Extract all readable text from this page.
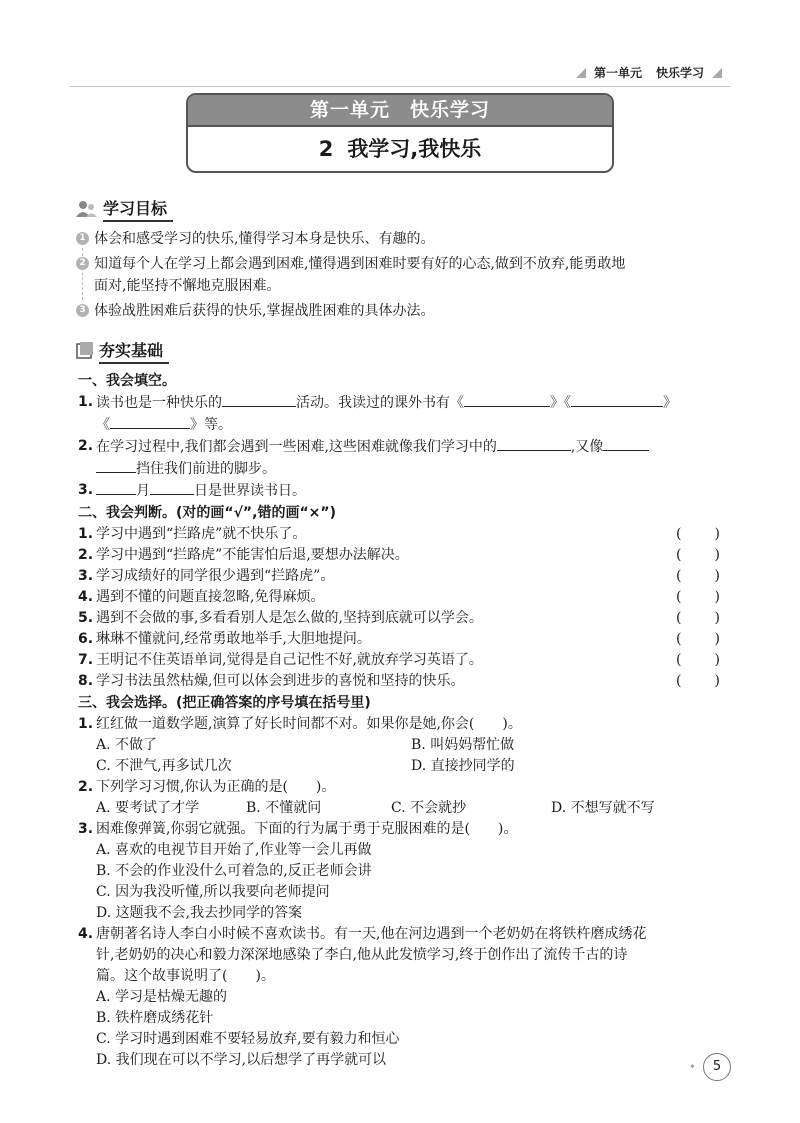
第一单元 快乐学习
第一单元　快乐学习
2 我学习,我快乐
学习目标
1 体会和感受学习的快乐,懂得学习本身是快乐、有趣的。
2 知道每个人在学习上都会遇到困难,懂得遇到困难时要有好的心态,做到不放弃,能勇敢地
面对,能坚持不懈地克服困难。
3 体验战胜困难后获得的快乐,掌握战胜困难的具体办法。
夯实基础
一、我会填空。
1. 读书也是一种快乐的	活动。我读过的课外书有《	》《	》
《	》等。
2. 在学习过程中,我们都会遇到一些困难,这些困难就像我们学习中的	,又像
挡住我们前进的脚步。
3.	月	日是世界读书日。
二、我会判断。(对的画“√”,错的画“×”)
1. 学习中遇到“拦路虎”就不快乐了。	( )
2. 学习中遇到“拦路虎”不能害怕后退,要想办法解决。	( )
3. 学习成绩好的同学很少遇到“拦路虎”。	( )
4. 遇到不懂的问题直接忽略,免得麻烦。	( )
5. 遇到不会做的事,多看看别人是怎么做的,坚持到底就可以学会。	( )
6. 琳琳不懂就问,经常勇敢地举手,大胆地提问。	( )
7. 王明记不住英语单词,觉得是自己记性不好,就放弃学习英语了。	( )
8. 学习书法虽然枯燥,但可以体会到进步的喜悦和坚持的快乐。	( )
三、我会选择。(把正确答案的序号填在括号里)
1. 红红做一道数学题,演算了好长时间都不对。如果你是她,你会(　　)。
A. 不做了	B. 叫妈妈帮忙做
C. 不泄气,再多试几次	D. 直接抄同学的
2. 下列学习习惯,你认为正确的是(　　)。
A. 要考试了才学	B. 不懂就问	C. 不会就抄	D. 不想写就不写
3. 困难像弹簧,你弱它就强。下面的行为属于勇于克服困难的是(　　)。
A. 喜欢的电视节目开始了,作业等一会儿再做
B. 不会的作业没什么可着急的,反正老师会讲
C. 因为我没听懂,所以我要向老师提问
D. 这题我不会,我去抄同学的答案
4. 唐朝著名诗人李白小时候不喜欢读书。有一天,他在河边遇到一个老奶奶在将铁杵磨成绣花
针,老奶奶的决心和毅力深深地感染了李白,他从此发愤学习,终于创作出了流传千古的诗
篇。这个故事说明了(　　)。
A. 学习是枯燥无趣的
B. 铁杵磨成绣花针
C. 学习时遇到困难不要轻易放弃,要有毅力和恒心
D. 我们现在可以不学习,以后想学了再学就可以	✦	5
